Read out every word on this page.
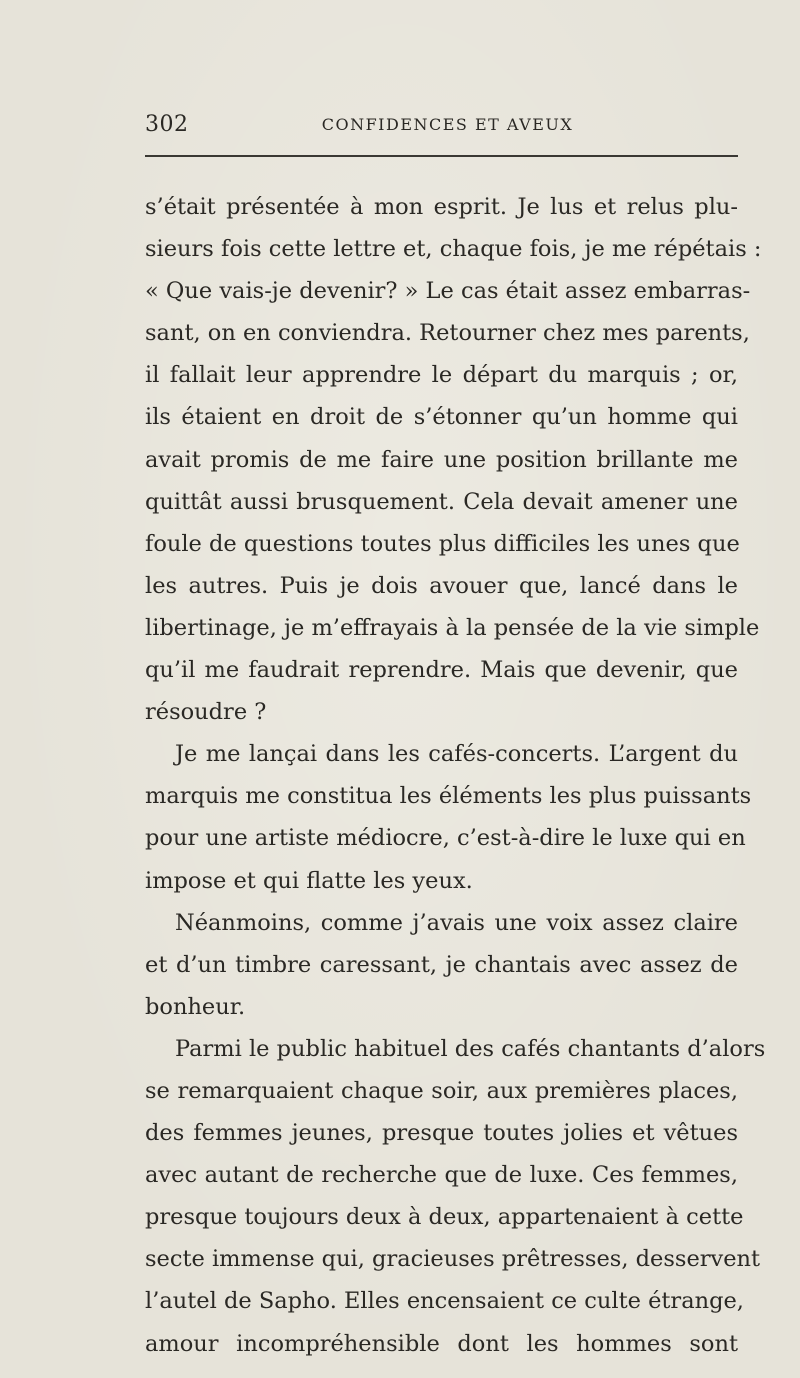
302	CONFIDENCES ET AVEUX
s’était présentée à mon esprit. Je lus et relus plu-
sieurs fois cette lettre et, chaque fois, je me répétais :
« Que vais-je devenir? » Le cas était assez embarras-
sant, on en conviendra. Retourner chez mes parents,
il fallait leur apprendre le départ du marquis ; or,
ils étaient en droit de s’étonner qu’un homme qui
avait promis de me faire une position brillante me
quittât aussi brusquement. Cela devait amener une
foule de questions toutes plus difficiles les unes que
les autres. Puis je dois avouer que, lancé dans le
libertinage, je m’effrayais à la pensée de la vie simple
qu’il me faudrait reprendre. Mais que devenir, que
résoudre ?
Je me lançai dans les cafés-concerts. L’argent du
marquis me constitua les éléments les plus puissants
pour une artiste médiocre, c’est-à-dire le luxe qui en
impose et qui flatte les yeux.
Néanmoins, comme j’avais une voix assez claire
et d’un timbre caressant, je chantais avec assez de
bonheur.
Parmi le public habituel des cafés chantants d’alors
se remarquaient chaque soir, aux premières places,
des femmes jeunes, presque toutes jolies et vêtues
avec autant de recherche que de luxe. Ces femmes,
presque toujours deux à deux, appartenaient à cette
secte immense qui, gracieuses prêtresses, desservent
l’autel de Sapho. Elles encensaient ce culte étrange,
amour incompréhensible dont les hommes sont
